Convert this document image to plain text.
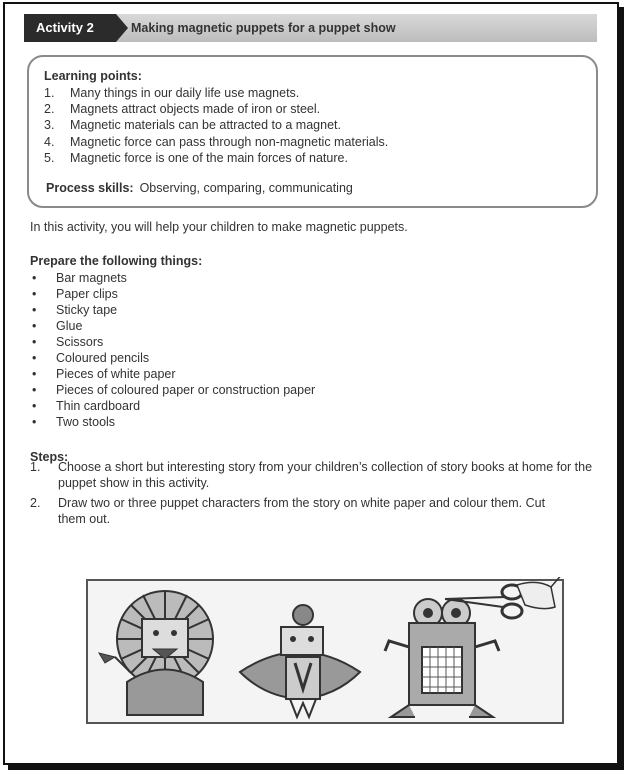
Activity 2	Making magnetic puppets for a puppet show
Learning points:
1. Many things in our daily life use magnets.
2. Magnets attract objects made of iron or steel.
3. Magnetic materials can be attracted to a magnet.
4. Magnetic force can pass through non-magnetic materials.
5. Magnetic force is one of the main forces of nature.
Process skills: Observing, comparing, communicating
In this activity, you will help your children to make magnetic puppets.
Prepare the following things:
• Bar magnets
• Paper clips
• Sticky tape
• Glue
• Scissors
• Coloured pencils
• Pieces of white paper
• Pieces of coloured paper or construction paper
• Thin cardboard
• Two stools
Steps:
1. Choose a short but interesting story from your children’s collection of story books at home for the puppet show in this activity.
2. Draw two or three puppet characters from the story on white paper and colour them. Cut them out.
